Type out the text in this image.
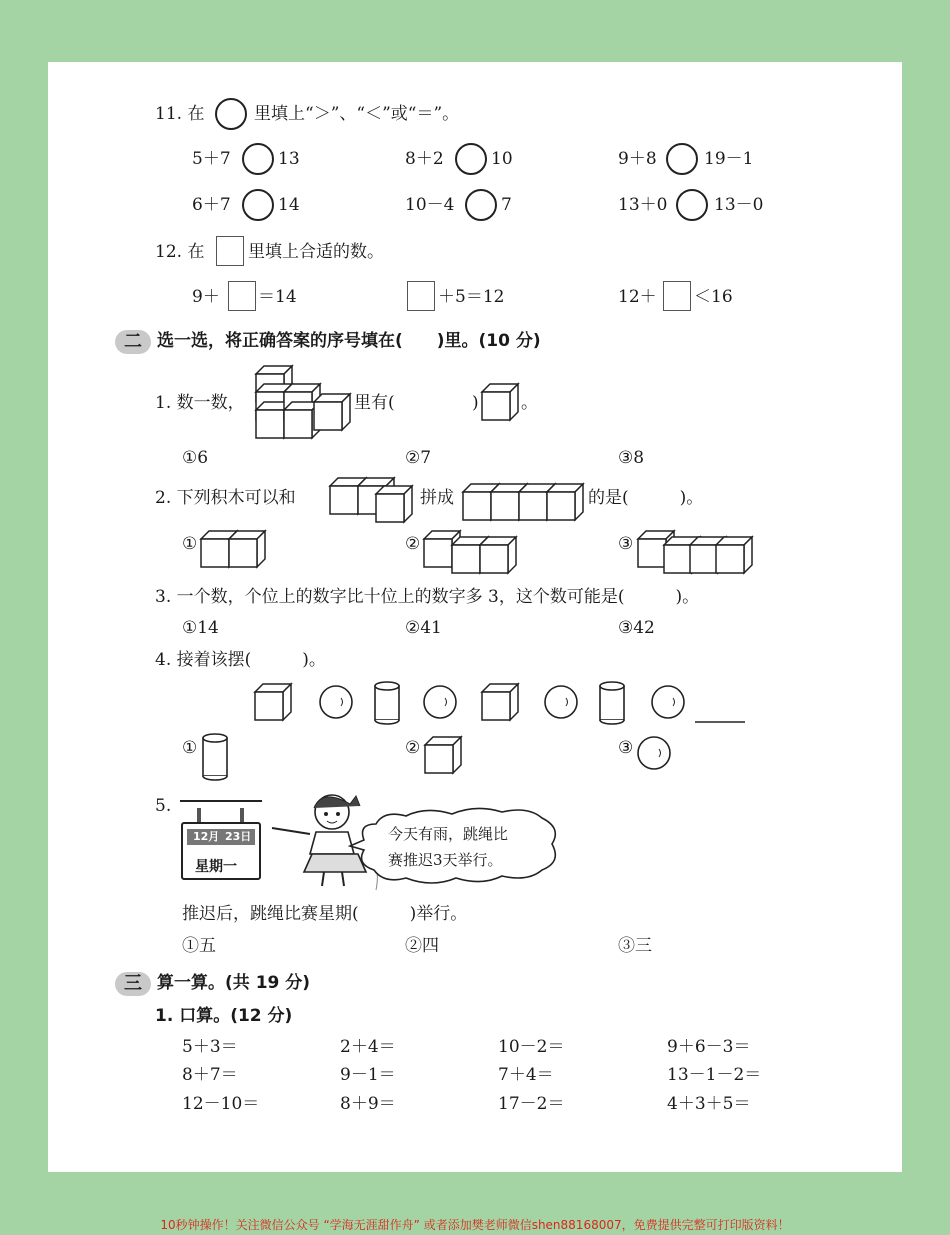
11. 在	里填上“＞”、“＜”或“＝”。
5＋7	13	8＋2	10	9＋8	19－1
6＋7	14	10－4	7	13＋0	13－0
12. 在	里填上合适的数。
9＋ ＝14	＋5＝12	12＋ ＜16
二 选一选，将正确答案的序号填在(　　)里。(10 分)
1. 数一数，	里有(	) 。
①6	②7	③8
2. 下列积木可以和	拼成	的是(　　　)。
①	②	③
3. 一个数，个位上的数字比十位上的数字多 3，这个数可能是(　　　)。
①14	②41	③42
4. 接着该摆(　　　)。
①	②	③
5.
12月 23日
星期一
今天有雨，跳绳比
赛推迟3天举行。
推迟后，跳绳比赛星期(　　　)举行。
①五	②四	③三
三 算一算。(共 19 分)
1. 口算。(12 分)
5＋3＝	2＋4＝	10－2＝	9＋6－3＝
8＋7＝	9－1＝	7＋4＝	13－1－2＝
12－10＝	8＋9＝	17－2＝	4＋3＋5＝
10秒钟操作！关注微信公众号 “学海无涯甜作舟” 或者添加樊老师微信shen88168007，免费提供完整可打印版资料！
